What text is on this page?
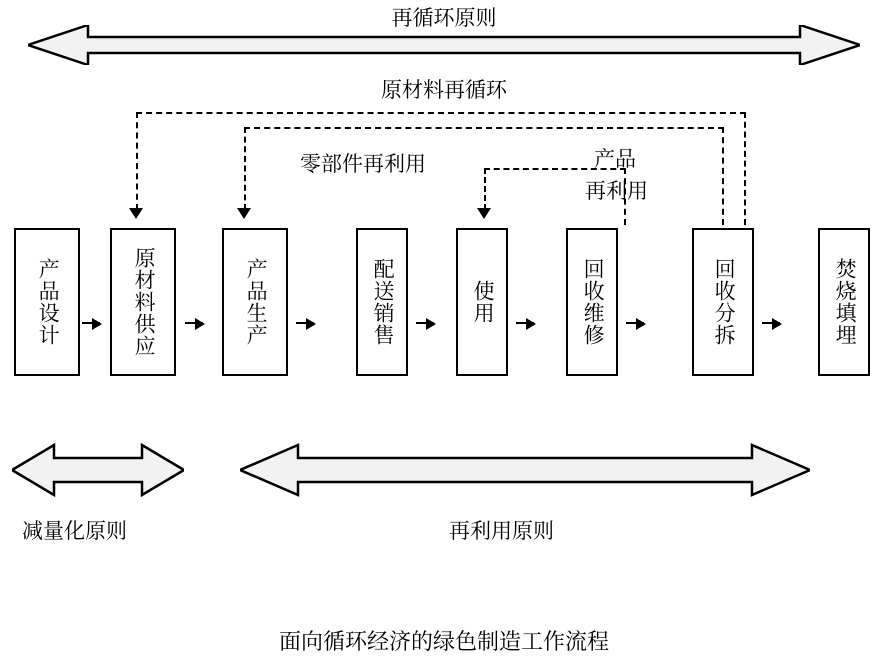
再循环原则
原材料再循环
零部件再利用	产品
再利用
产品设计	原材料供应	产品生产	配送销售	使用	回收维修	回收分拆	焚烧填埋
减量化原则	再利用原则
面向循环经济的绿色制造工作流程
